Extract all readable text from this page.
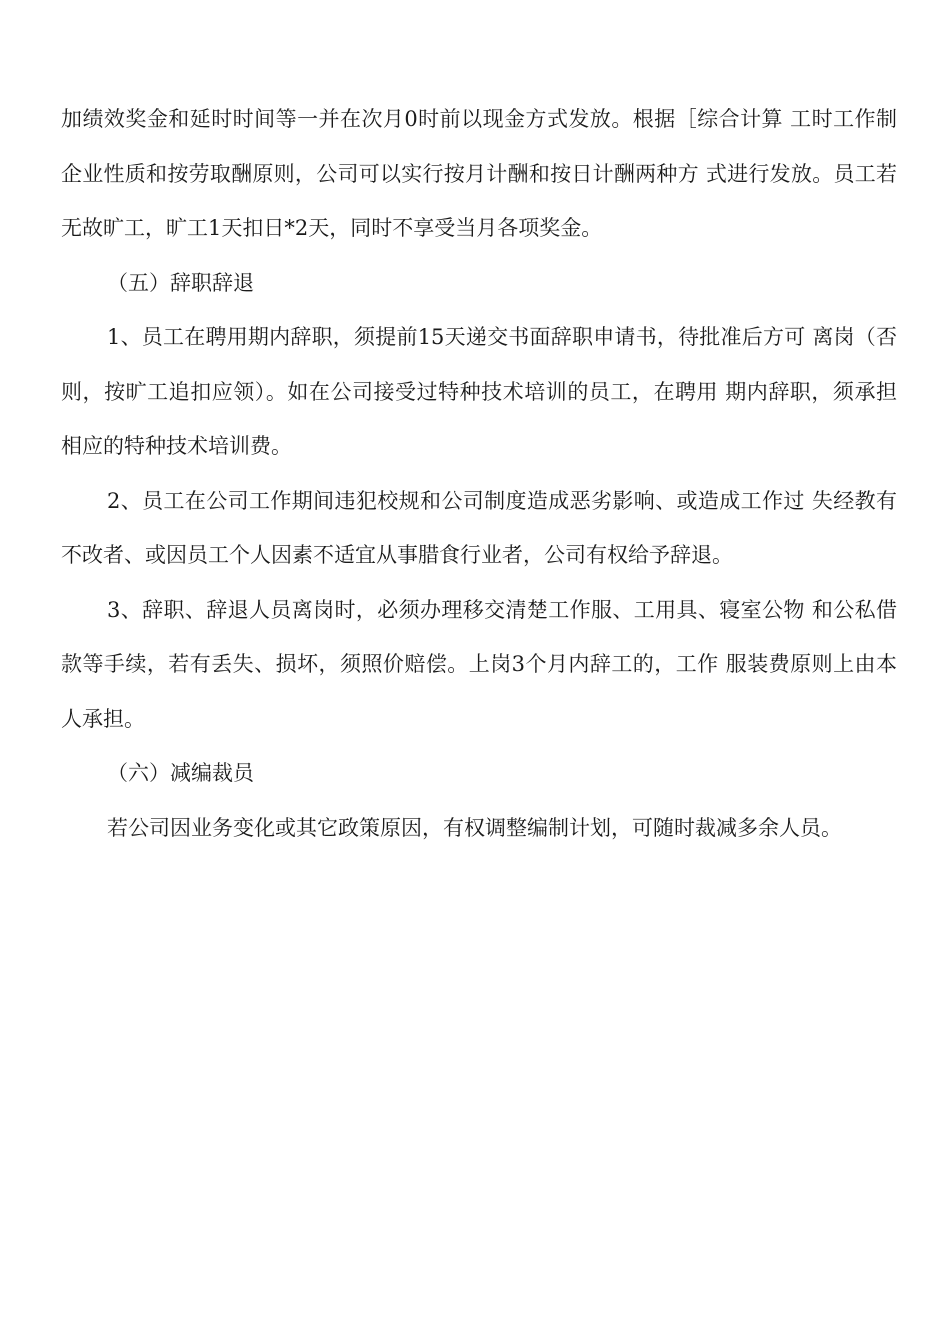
加绩效奖金和延时时间等一并在次月0时前以现金方式发放。根据［综合计算 工时工作制企业性质和按劳取酬原则，公司可以实行按月计酬和按日计酬两种方 式进行发放。员工若无故旷工，旷工1天扣日*2天，同时不享受当月各项奖金。

（五）辞职辞退

1、员工在聘用期内辞职，须提前15天递交书面辞职申请书，待批准后方可 离岗（否则，按旷工追扣应领）。如在公司接受过特种技术培训的员工，在聘用 期内辞职，须承担相应的特种技术培训费。

2、员工在公司工作期间违犯校规和公司制度造成恶劣影响、或造成工作过 失经教有不改者、或因员工个人因素不适宜从事腊食行业者，公司有权给予辞退。

3、辞职、辞退人员离岗时，必须办理移交清楚工作服、工用具、寝室公物 和公私借款等手续，若有丢失、损坏，须照价赔偿。上岗3个月内辞工的，工作 服装费原则上由本人承担。

（六）减编裁员

若公司因业务变化或其它政策原因，有权调整编制计划，可随时裁减多余人员。
